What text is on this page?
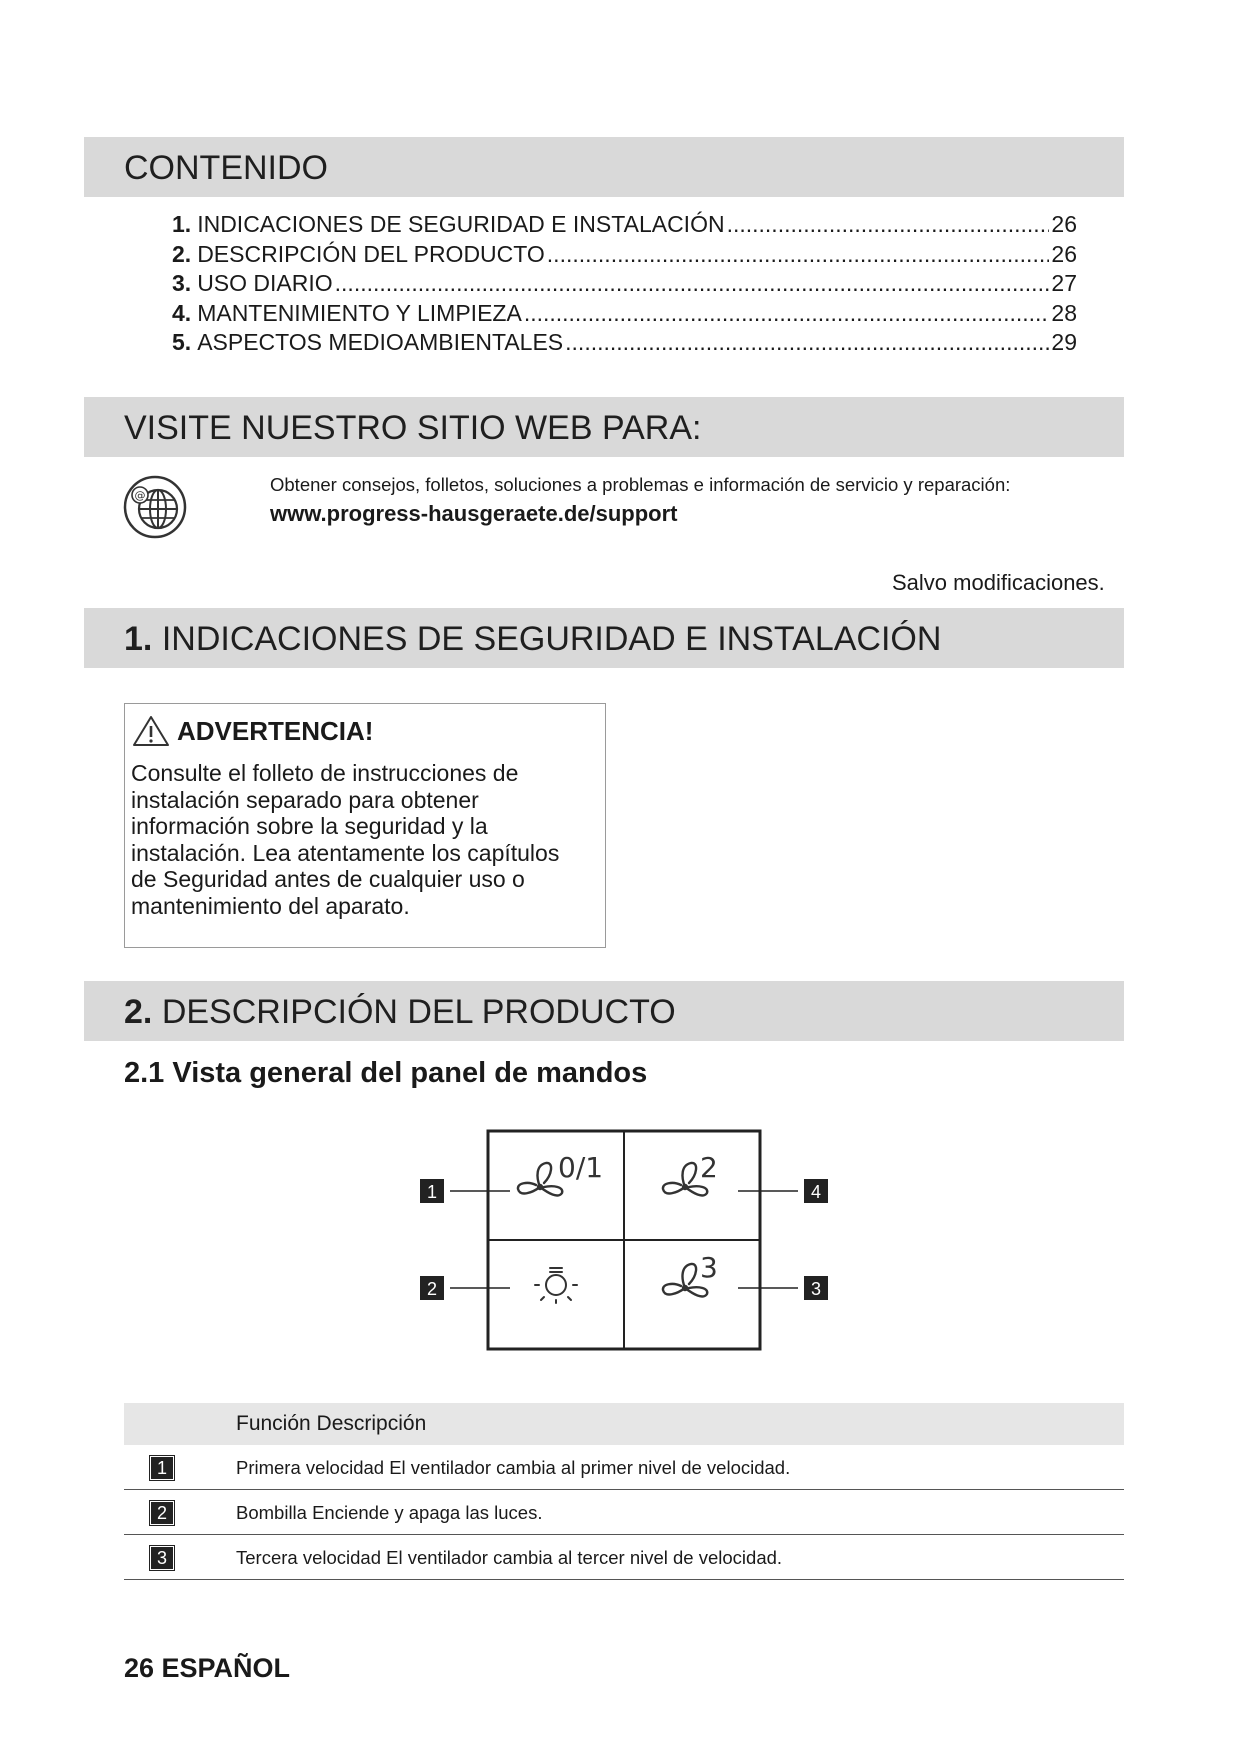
CONTENIDO
1. INDICACIONES DE SEGURIDAD E INSTALACIÓN .....	26
2. DESCRIPCIÓN DEL PRODUCTO .....	26
3. USO DIARIO .....	27
4. MANTENIMIENTO Y LIMPIEZA .....	28
5. ASPECTOS MEDIOAMBIENTALES .....	29
VISITE NUESTRO SITIO WEB PARA:
@
Obtener consejos, folletos, soluciones a problemas e información de servicio y reparación:
www.progress-hausgeraete.de/support
Salvo modificaciones.
1. INDICACIONES DE SEGURIDAD E INSTALACIÓN
ADVERTENCIA!
Consulte el folleto de instrucciones de instalación separado para obtener información sobre la seguridad y la instalación. Lea atentamente los capítulos de Seguridad antes de cualquier uso o mantenimiento del aparato.
2. DESCRIPCIÓN DEL PRODUCTO
2.1 Vista general del panel de mandos
1
2	3
4
0/1	2
3
Función Descripción
1	Primera velocidad El ventilador cambia al primer nivel de velocidad.
2	Bombilla Enciende y apaga las luces.
3	Tercera velocidad El ventilador cambia al tercer nivel de velocidad.
26 ESPAÑOL
